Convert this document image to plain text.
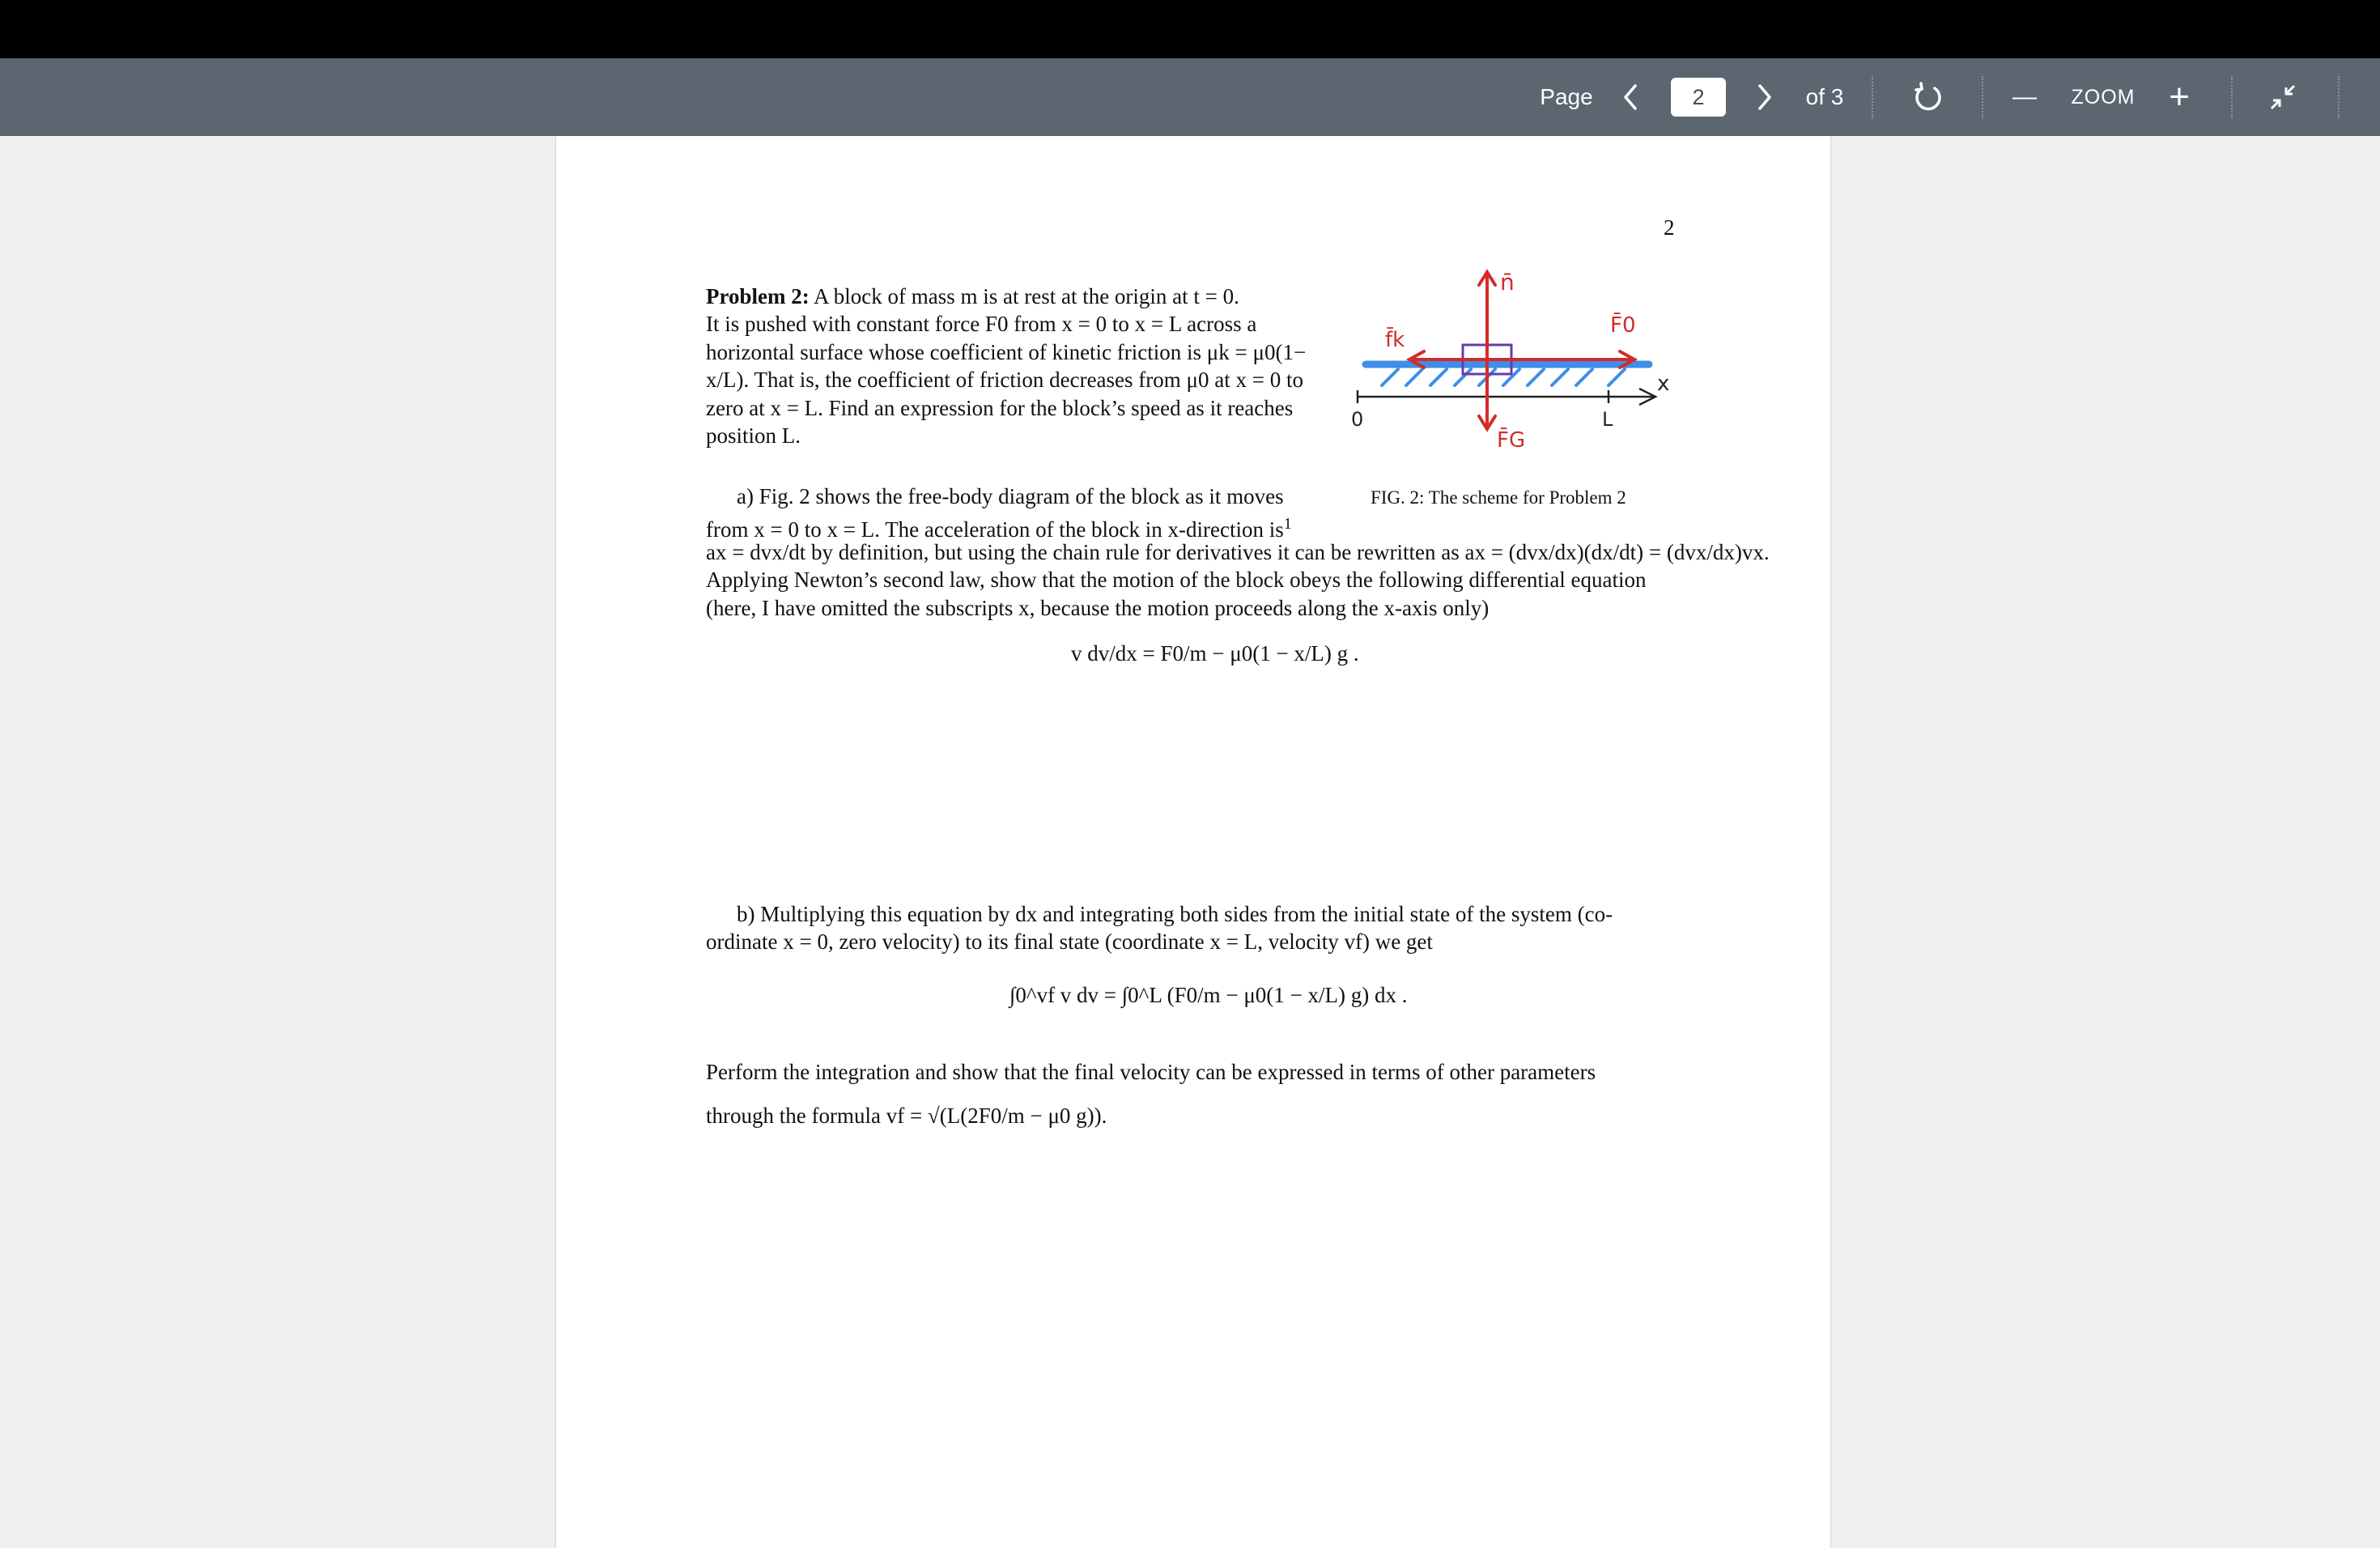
Page
2	of 3	— ZOOM +
2
Problem 2: A block of mass m is at rest at the origin at t = 0.
It is pushed with constant force F0 from x = 0 to x = L across a
horizontal surface whose coefficient of kinetic friction is μk = μ0(1−
x/L). That is, the coefficient of friction decreases from μ0 at x = 0 to
zero at x = L. Find an expression for the block’s speed as it reaches
position L.
n̄
f̄k
F̄0
F̄G
0	L
x
FIG. 2: The scheme for Problem 2
a) Fig. 2 shows the free-body diagram of the block as it moves
from x = 0 to x = L. The acceleration of the block in x-direction $is^1$
ax = dvx/dt by definition, but using the chain rule for derivatives it can be rewritten as ax = (dvx/dx)(dx/dt) = (dvx/dx)vx.
Applying Newton’s second law, show that the motion of the block obeys the following differential equation
(here, I have omitted the subscripts x, because the motion proceeds along the x-axis only)
v dv/dx = F0/m − μ0(1 − x/L) g .
b) Multiplying this equation by dx and integrating both sides from the initial state of the system (co-
ordinate x = 0, zero velocity) to its final state (coordinate x = L, velocity vf) we get
∫0^vf v dv = ∫0^L (F0/m − μ0(1 − x/L) g) dx .
Perform the integration and show that the final velocity can be expressed in terms of other parameters
through the formula vf = √(L(2F0/m − μ0 g)).
